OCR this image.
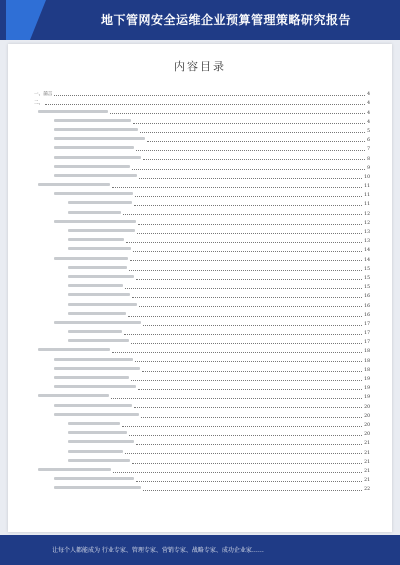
地下管网安全运维企业预算管理策略研究报告
内容目录
一、前言	4
二、	4
4
4
5
6
7
8
9
10
11
11
11
12
12
13
13
14
14
15
15
15
16
16
16
17
17
17
18
18
18
19
19
19
20
20
20
20
21
21
21
21
21
22
让每个人都能成为 行业专家、管理专家、营销专家、战略专家、成功企业家……
